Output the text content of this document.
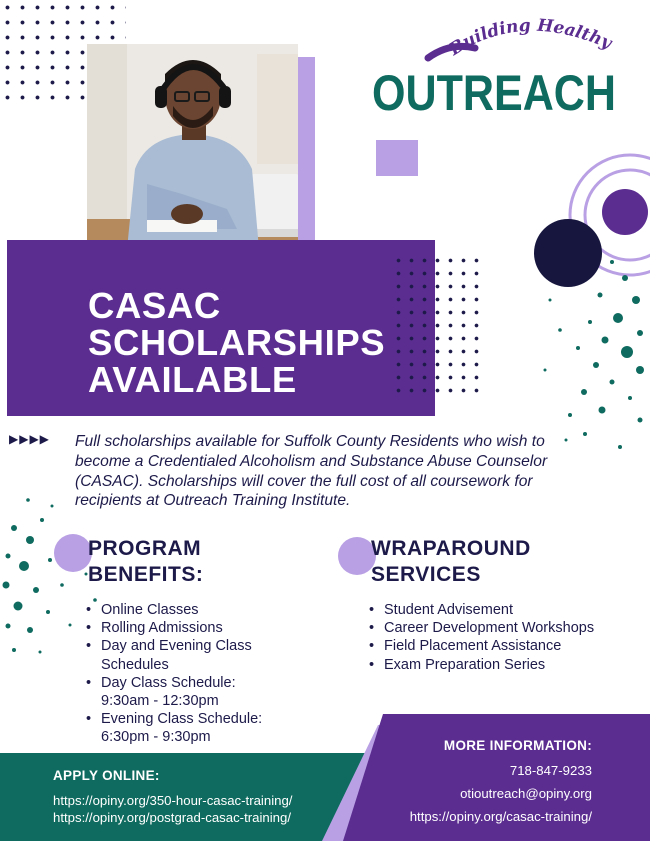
Building Healthy
OUTREACH
CASAC
SCHOLARSHIPS
AVAILABLE
▶▶▶▶ Full scholarships available for Suffolk County Residents who wish to become a Credentialed Alcoholism and Substance Abuse Counselor (CASAC). Scholarships will cover the full cost of all coursework for recipients at Outreach Training Institute.

PROGRAM
BENEFITS:
• Online Classes
• Rolling Admissions
• Day and Evening Class Schedules
• Day Class Schedule: 9:30am - 12:30pm
• Evening Class Schedule: 6:30pm - 9:30pm
WRAPAROUND
SERVICES
• Student Advisement
• Career Development Workshops
• Field Placement Assistance
• Exam Preparation Series
APPLY ONLINE:
https://opiny.org/350-hour-casac-training/
https://opiny.org/postgrad-casac-training/
MORE INFORMATION:
718-847-9233
otioutreach@opiny.org
https://opiny.org/casac-training/
